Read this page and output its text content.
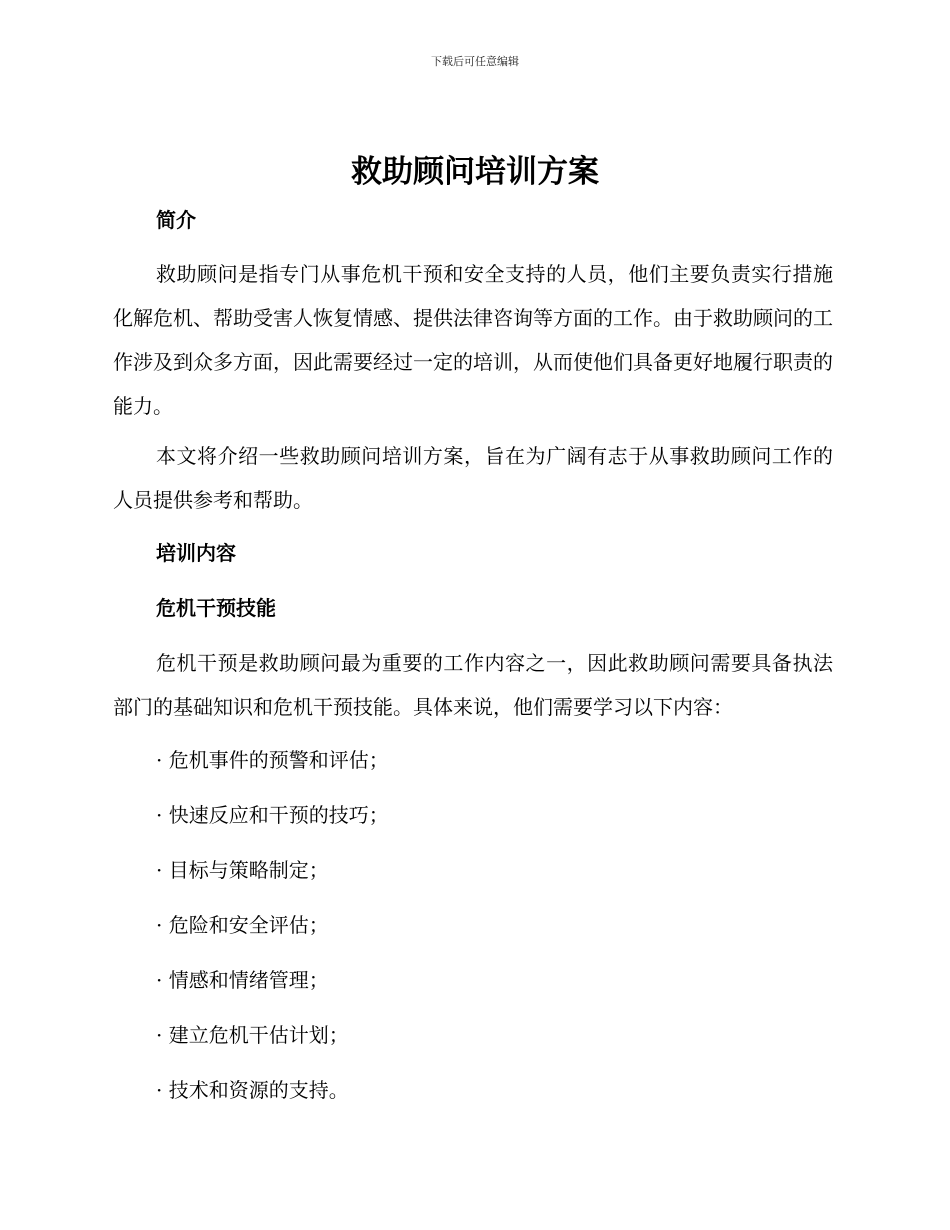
下载后可任意编辑
救助顾问培训方案
简介

救助顾问是指专门从事危机干预和安全支持的人员，他们主要负责实行措施化解危机、帮助受害人恢复情感、提供法律咨询等方面的工作。由于救助顾问的工作涉及到众多方面，因此需要经过一定的培训，从而使他们具备更好地履行职责的能力。

本文将介绍一些救助顾问培训方案，旨在为广阔有志于从事救助顾问工作的人员提供参考和帮助。

培训内容
危机干预技能

危机干预是救助顾问最为重要的工作内容之一，因此救助顾问需要具备执法部门的基础知识和危机干预技能。具体来说，他们需要学习以下内容：

· 危机事件的预警和评估；

· 快速反应和干预的技巧；

· 目标与策略制定；

· 危险和安全评估；

· 情感和情绪管理；

· 建立危机干估计划；

· 技术和资源的支持。
